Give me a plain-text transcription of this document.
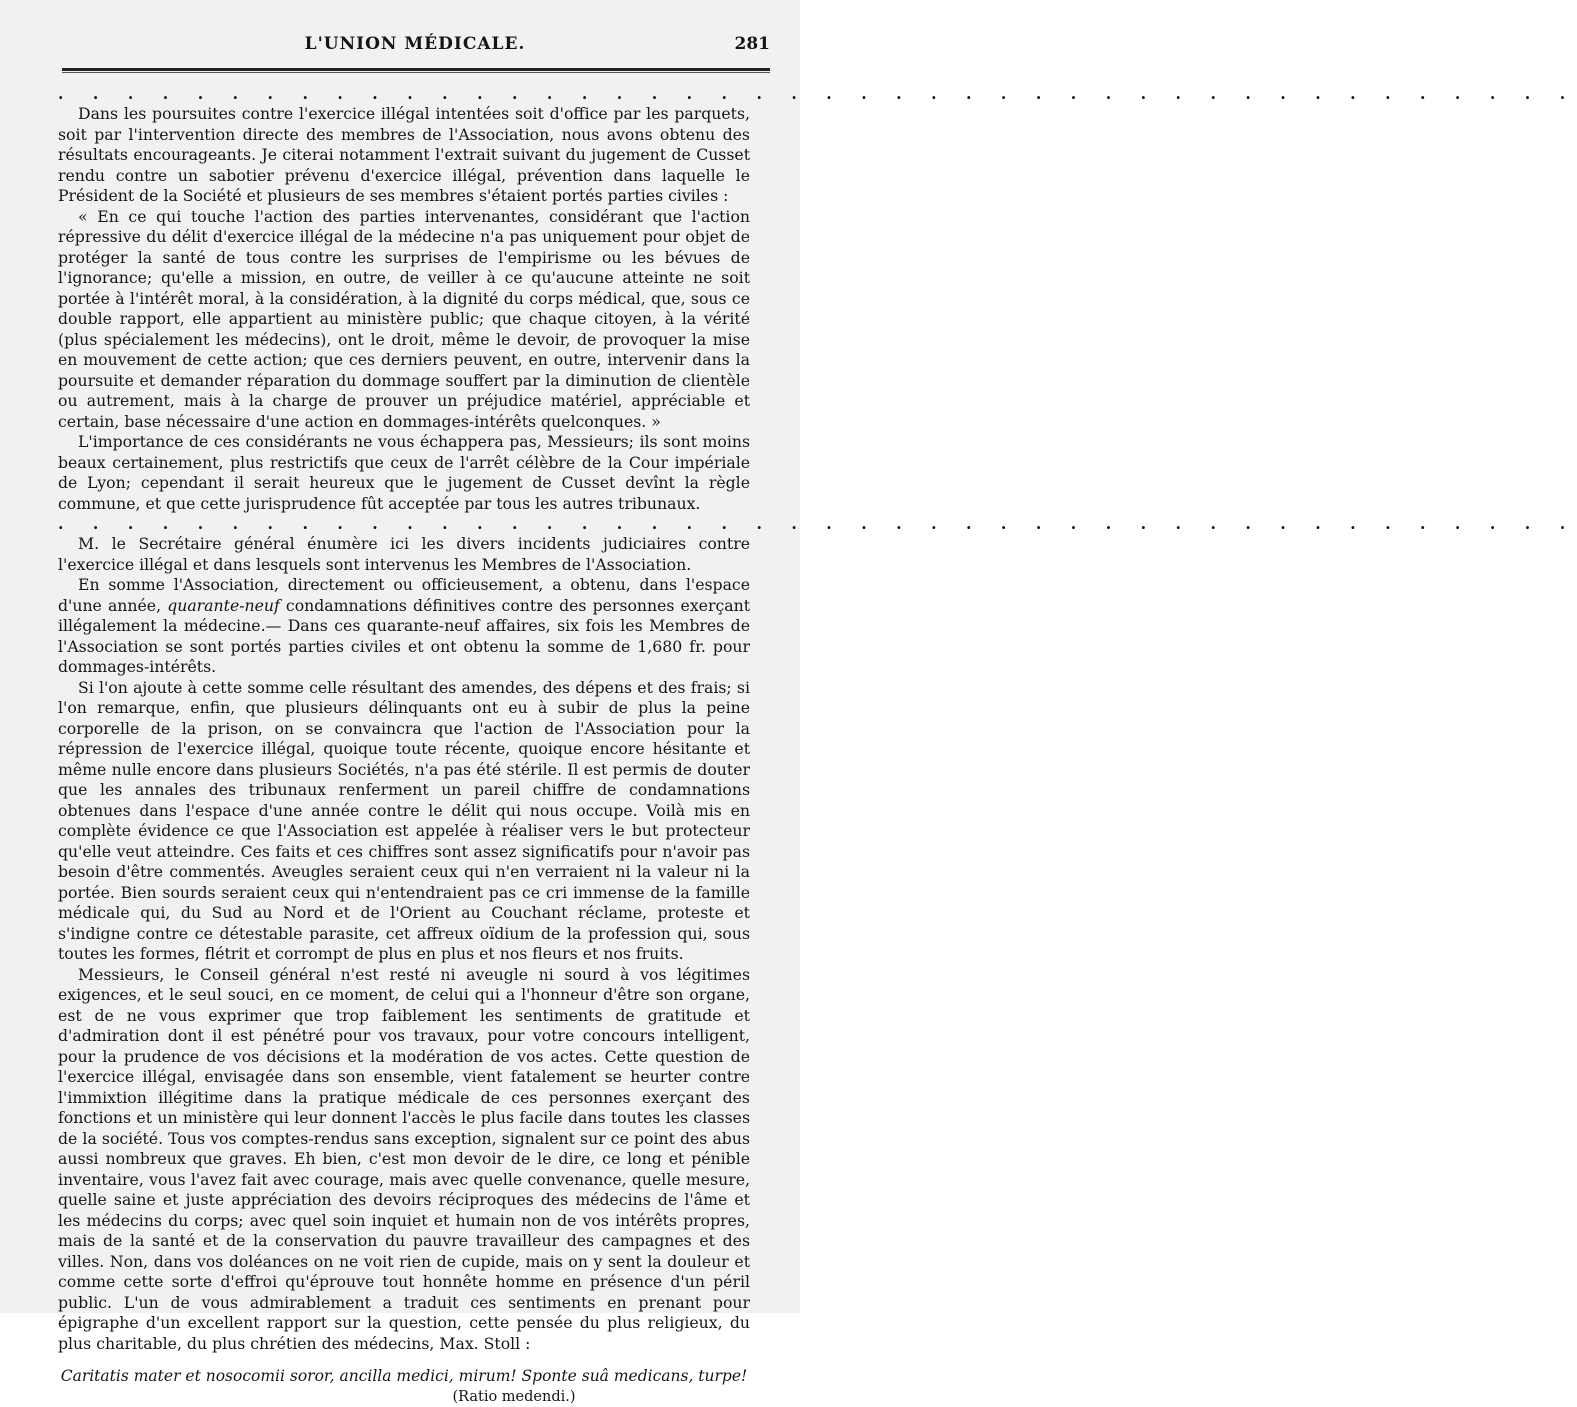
L'UNION MÉDICALE.	281
. . . . . . . . . . . . . . . . . . . . . . . . . . . . . . . . . . . . . . . . . . . .

Dans les poursuites contre l'exercice illégal intentées soit d'office par les parquets, soit par l'intervention directe des membres de l'Association, nous avons obtenu des résultats encourageants. Je citerai notamment l'extrait suivant du jugement de Cusset rendu contre un sabotier prévenu d'exercice illégal, prévention dans laquelle le Président de la Société et plusieurs de ses membres s'étaient portés parties civiles :

« En ce qui touche l'action des parties intervenantes, considérant que l'action répressive du délit d'exercice illégal de la médecine n'a pas uniquement pour objet de protéger la santé de tous contre les surprises de l'empirisme ou les bévues de l'ignorance; qu'elle a mission, en outre, de veiller à ce qu'aucune atteinte ne soit portée à l'intérêt moral, à la considération, à la dignité du corps médical, que, sous ce double rapport, elle appartient au ministère public; que chaque citoyen, à la vérité (plus spécialement les médecins), ont le droit, même le devoir, de provoquer la mise en mouvement de cette action; que ces derniers peuvent, en outre, intervenir dans la poursuite et demander réparation du dommage souffert par la diminution de clientèle ou autrement, mais à la charge de prouver un préjudice matériel, appréciable et certain, base nécessaire d'une action en dommages-intérêts quelconques. »

L'importance de ces considérants ne vous échappera pas, Messieurs; ils sont moins beaux certainement, plus restrictifs que ceux de l'arrêt célèbre de la Cour impériale de Lyon; cependant il serait heureux que le jugement de Cusset devînt la règle commune, et que cette jurisprudence fût acceptée par tous les autres tribunaux.

. . . . . . . . . . . . . . . . . . . . . . . . . . . . . . . . . . . . . . . . . . . .

M. le Secrétaire général énumère ici les divers incidents judiciaires contre l'exercice illégal et dans lesquels sont intervenus les Membres de l'Association.

En somme l'Association, directement ou officieusement, a obtenu, dans l'espace d'une année, quarante-neuf condamnations définitives contre des personnes exerçant illégalement la médecine.— Dans ces quarante-neuf affaires, six fois les Membres de l'Association se sont portés parties civiles et ont obtenu la somme de 1,680 fr. pour dommages-intérêts.

Si l'on ajoute à cette somme celle résultant des amendes, des dépens et des frais; si l'on remarque, enfin, que plusieurs délinquants ont eu à subir de plus la peine corporelle de la prison, on se convaincra que l'action de l'Association pour la répression de l'exercice illégal, quoique toute récente, quoique encore hésitante et même nulle encore dans plusieurs Sociétés, n'a pas été stérile. Il est permis de douter que les annales des tribunaux renferment un pareil chiffre de condamnations obtenues dans l'espace d'une année contre le délit qui nous occupe. Voilà mis en complète évidence ce que l'Association est appelée à réaliser vers le but protecteur qu'elle veut atteindre. Ces faits et ces chiffres sont assez significatifs pour n'avoir pas besoin d'être commentés. Aveugles seraient ceux qui n'en verraient ni la valeur ni la portée. Bien sourds seraient ceux qui n'entendraient pas ce cri immense de la famille médicale qui, du Sud au Nord et de l'Orient au Couchant réclame, proteste et s'indigne contre ce détestable parasite, cet affreux oïdium de la profession qui, sous toutes les formes, flétrit et corrompt de plus en plus et nos fleurs et nos fruits.

Messieurs, le Conseil général n'est resté ni aveugle ni sourd à vos légitimes exigences, et le seul souci, en ce moment, de celui qui a l'honneur d'être son organe, est de ne vous exprimer que trop faiblement les sentiments de gratitude et d'admiration dont il est pénétré pour vos travaux, pour votre concours intelligent, pour la prudence de vos décisions et la modération de vos actes. Cette question de l'exercice illégal, envisagée dans son ensemble, vient fatalement se heurter contre l'immixtion illégitime dans la pratique médicale de ces personnes exerçant des fonctions et un ministère qui leur donnent l'accès le plus facile dans toutes les classes de la société. Tous vos comptes-rendus sans exception, signalent sur ce point des abus aussi nombreux que graves. Eh bien, c'est mon devoir de le dire, ce long et pénible inventaire, vous l'avez fait avec courage, mais avec quelle convenance, quelle mesure, quelle saine et juste appréciation des devoirs réciproques des médecins de l'âme et les médecins du corps; avec quel soin inquiet et humain non de vos intérêts propres, mais de la santé et de la conservation du pauvre travailleur des campagnes et des villes. Non, dans vos doléances on ne voit rien de cupide, mais on y sent la douleur et comme cette sorte d'effroi qu'éprouve tout honnête homme en présence d'un péril public. L'un de vous admirablement a traduit ces sentiments en prenant pour épigraphe d'un excellent rapport sur la question, cette pensée du plus religieux, du plus charitable, du plus chrétien des médecins, Max. Stoll :

Caritatis mater et nosocomii soror, ancilla medici, mirum! Sponte suâ medicans, turpe!

(Ratio medendi.)
